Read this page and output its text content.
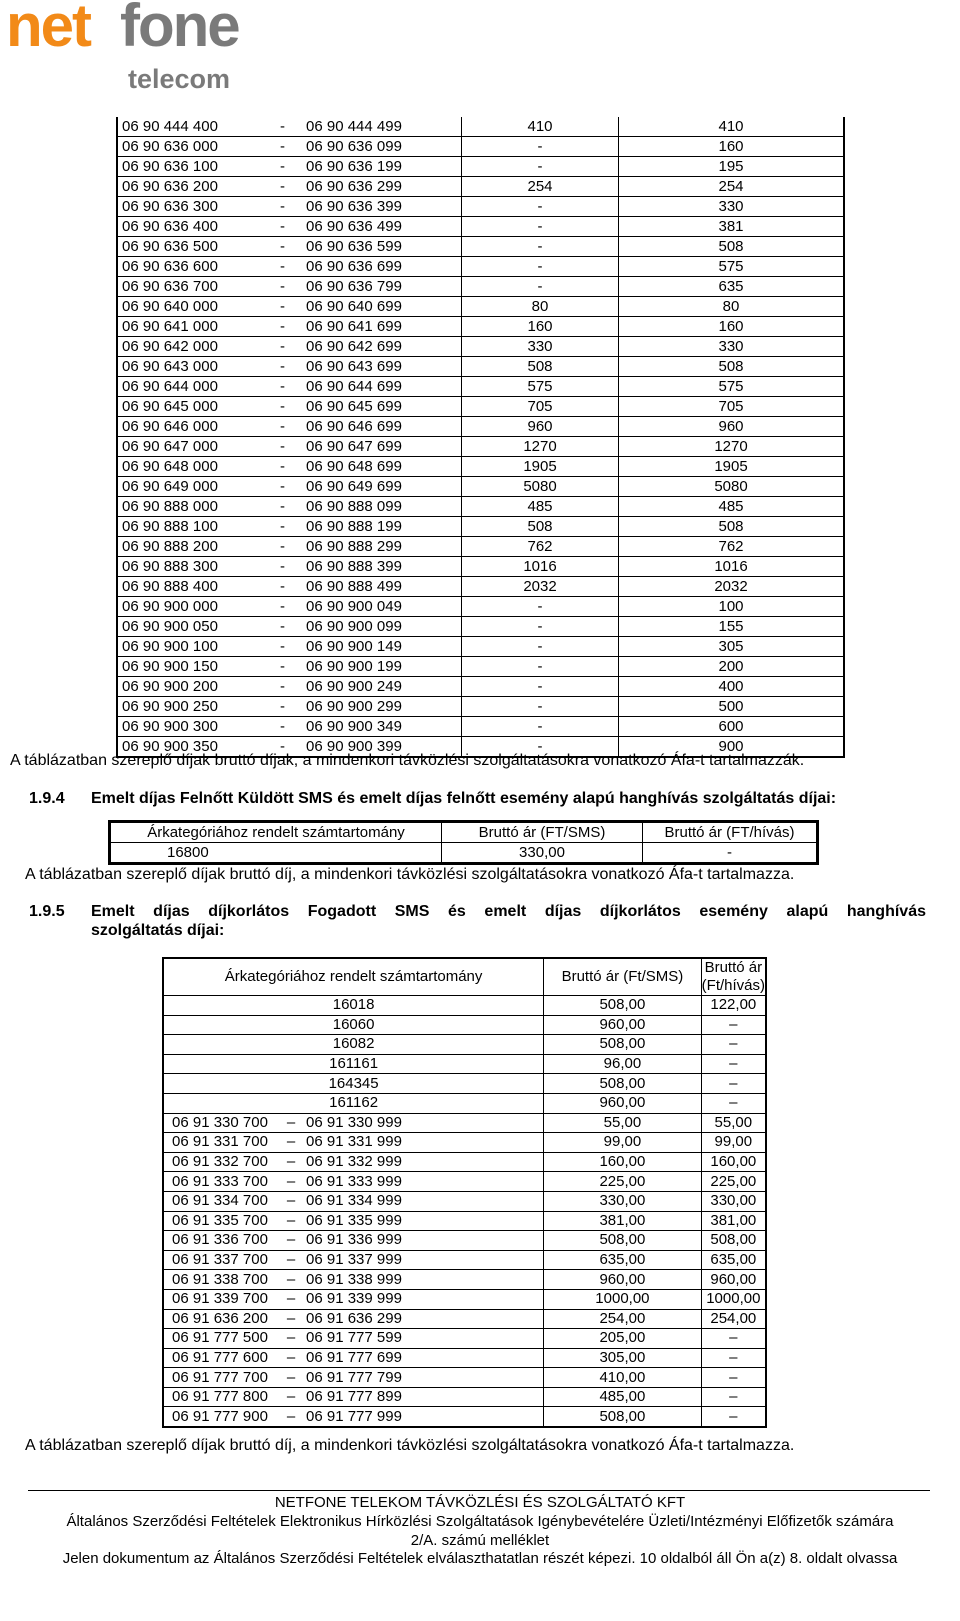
net fone
telecom
06 90 444 400	-	06 90 444 499	410	410
06 90 636 000	-	06 90 636 099	-	160
06 90 636 100	-	06 90 636 199	-	195
06 90 636 200	-	06 90 636 299	254	254
06 90 636 300	-	06 90 636 399	-	330
06 90 636 400	-	06 90 636 499	-	381
06 90 636 500	-	06 90 636 599	-	508
06 90 636 600	-	06 90 636 699	-	575
06 90 636 700	-	06 90 636 799	-	635
06 90 640 000	-	06 90 640 699	80	80
06 90 641 000	-	06 90 641 699	160	160
06 90 642 000	-	06 90 642 699	330	330
06 90 643 000	-	06 90 643 699	508	508
06 90 644 000	-	06 90 644 699	575	575
06 90 645 000	-	06 90 645 699	705	705
06 90 646 000	-	06 90 646 699	960	960
06 90 647 000	-	06 90 647 699	1270	1270
06 90 648 000	-	06 90 648 699	1905	1905
06 90 649 000	-	06 90 649 699	5080	5080
06 90 888 000	-	06 90 888 099	485	485
06 90 888 100	-	06 90 888 199	508	508
06 90 888 200	-	06 90 888 299	762	762
06 90 888 300	-	06 90 888 399	1016	1016
06 90 888 400	-	06 90 888 499	2032	2032
06 90 900 000	-	06 90 900 049	-	100
06 90 900 050	-	06 90 900 099	-	155
06 90 900 100	-	06 90 900 149	-	305
06 90 900 150	-	06 90 900 199	-	200
06 90 900 200	-	06 90 900 249	-	400
06 90 900 250	-	06 90 900 299	-	500
06 90 900 300	-	06 90 900 349	-	600
06 90 900 350	-	06 90 900 399	-	900
A táblázatban szereplő díjak bruttó díjak, a mindenkori távközlési szolgáltatásokra vonatkozó Áfa-t tartalmazzák.
1.9.4 Emelt díjas Felnőtt Küldött SMS és emelt díjas felnőtt esemény alapú hanghívás szolgáltatás díjai:
Árkategóriához rendelt számtartomány	Bruttó ár (FT/SMS)	Bruttó ár (FT/hívás)
16800	330,00	-
A táblázatban szereplő díjak bruttó díj, a mindenkori távközlési szolgáltatásokra vonatkozó Áfa-t tartalmazza.
1.9.5 Emelt díjas díjkorlátos Fogadott SMS és emelt díjas díjkorlátos esemény alapú hanghívás
szolgáltatás díjai:
Árkategóriához rendelt számtartomány	Bruttó ár (Ft/SMS)	Bruttó ár (Ft/hívás)
16018	508,00	122,00
16060	960,00	–
16082	508,00	–
161161	96,00	–
164345	508,00	–
161162	960,00	–

06 91 330 700 – 06 91 330 999	55,00	55,00

06 91 331 700 – 06 91 331 999	99,00	99,00

06 91 332 700 – 06 91 332 999	160,00	160,00

06 91 333 700 – 06 91 333 999	225,00	225,00

06 91 334 700 – 06 91 334 999	330,00	330,00

06 91 335 700 – 06 91 335 999	381,00	381,00

06 91 336 700 – 06 91 336 999	508,00	508,00

06 91 337 700 – 06 91 337 999	635,00	635,00

06 91 338 700 – 06 91 338 999	960,00	960,00

06 91 339 700 – 06 91 339 999	1000,00	1000,00

06 91 636 200 – 06 91 636 299	254,00	254,00

06 91 777 500 – 06 91 777 599	205,00	–

06 91 777 600 – 06 91 777 699	305,00	–

06 91 777 700 – 06 91 777 799	410,00	–

06 91 777 800 – 06 91 777 899	485,00	–

06 91 777 900 – 06 91 777 999	508,00	–
A táblázatban szereplő díjak bruttó díj, a mindenkori távközlési szolgáltatásokra vonatkozó Áfa-t tartalmazza.
NETFONE TELEKOM TÁVKÖZLÉSI ÉS SZOLGÁLTATÓ KFT
Általános Szerződési Feltételek Elektronikus Hírközlési Szolgáltatások Igénybevételére Üzleti/Intézményi Előfizetők számára
2/A. számú melléklet
Jelen dokumentum az Általános Szerződési Feltételek elválaszthatatlan részét képezi. 10 oldalból áll Ön a(z) 8. oldalt olvassa
